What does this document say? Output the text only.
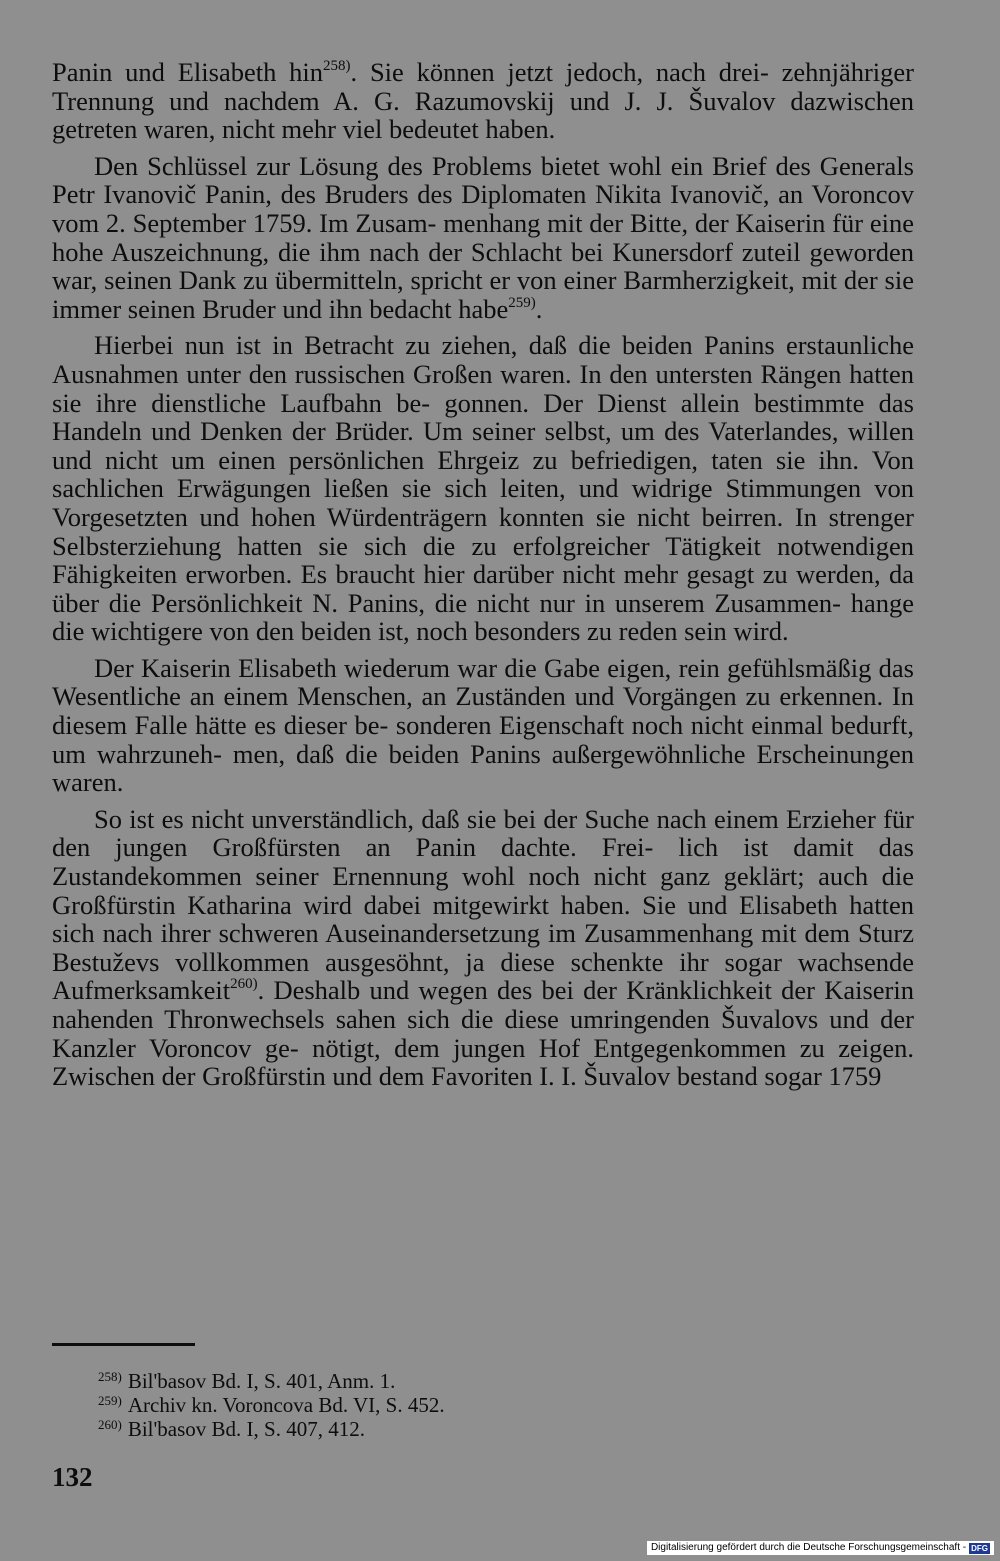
Panin und Elisabeth hin$^{258)}$. Sie können jetzt jedoch, nach drei- zehnjähriger Trennung und nachdem A. G. Razumovskij und J. J. Šuvalov dazwischen getreten waren, nicht mehr viel bedeutet haben.

Den Schlüssel zur Lösung des Problems bietet wohl ein Brief des Generals Petr Ivanovič Panin, des Bruders des Diplomaten Nikita Ivanovič, an Voroncov vom 2. September 1759. Im Zusam- menhang mit der Bitte, der Kaiserin für eine hohe Auszeichnung, die ihm nach der Schlacht bei Kunersdorf zuteil geworden war, seinen Dank zu übermitteln, spricht er von einer Barmherzigkeit, mit der sie immer seinen Bruder und ihn bedacht habe$^{259)}$.

Hierbei nun ist in Betracht zu ziehen, daß die beiden Panins erstaunliche Ausnahmen unter den russischen Großen waren. In den untersten Rängen hatten sie ihre dienstliche Laufbahn be- gonnen. Der Dienst allein bestimmte das Handeln und Denken der Brüder. Um seiner selbst, um des Vaterlandes, willen und nicht um einen persönlichen Ehrgeiz zu befriedigen, taten sie ihn. Von sachlichen Erwägungen ließen sie sich leiten, und widrige Stimmungen von Vorgesetzten und hohen Würdenträgern konnten sie nicht beirren. In strenger Selbsterziehung hatten sie sich die zu erfolgreicher Tätigkeit notwendigen Fähigkeiten erworben. Es braucht hier darüber nicht mehr gesagt zu werden, da über die Persönlichkeit N. Panins, die nicht nur in unserem Zusammen- hange die wichtigere von den beiden ist, noch besonders zu reden sein wird.

Der Kaiserin Elisabeth wiederum war die Gabe eigen, rein gefühlsmäßig das Wesentliche an einem Menschen, an Zuständen und Vorgängen zu erkennen. In diesem Falle hätte es dieser be- sonderen Eigenschaft noch nicht einmal bedurft, um wahrzuneh- men, daß die beiden Panins außergewöhnliche Erscheinungen waren.

So ist es nicht unverständlich, daß sie bei der Suche nach einem Erzieher für den jungen Großfürsten an Panin dachte. Frei- lich ist damit das Zustandekommen seiner Ernennung wohl noch nicht ganz geklärt; auch die Großfürstin Katharina wird dabei mitgewirkt haben. Sie und Elisabeth hatten sich nach ihrer schweren Auseinandersetzung im Zusammenhang mit dem Sturz Bestuževs vollkommen ausgesöhnt, ja diese schenkte ihr sogar wachsende Aufmerksamkeit$^{260)}$. Deshalb und wegen des bei der Kränklichkeit der Kaiserin nahenden Thronwechsels sahen sich die diese umringenden Šuvalovs und der Kanzler Voroncov ge- nötigt, dem jungen Hof Entgegenkommen zu zeigen. Zwischen der Großfürstin und dem Favoriten I. I. Šuvalov bestand sogar 1759

$^{258)}$ Bil'basov Bd. I, S. 401, Anm. 1.
$^{259)}$ Archiv kn. Voroncova Bd. VI, S. 452.
$^{260)}$ Bil'basov Bd. I, S. 407, 412.
132
Digitalisierung gefördert durch die Deutsche Forschungsgemeinschaft - DFG
